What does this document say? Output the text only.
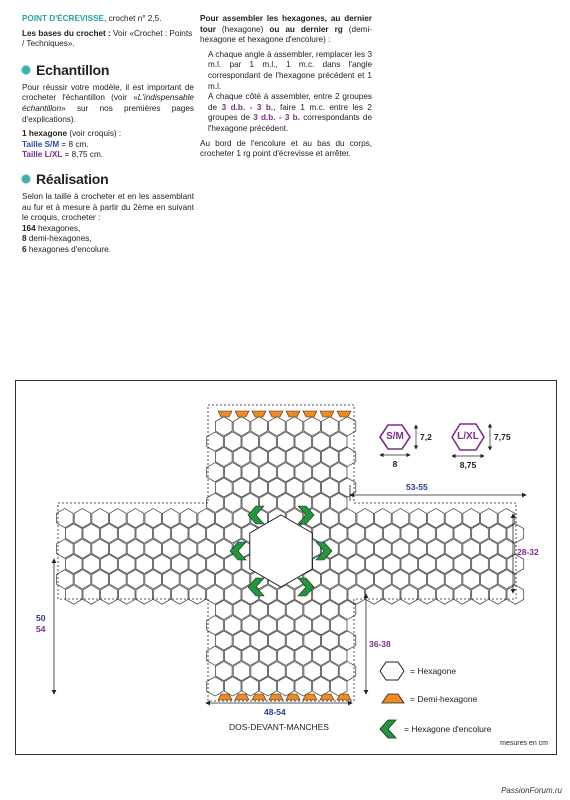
POINT D'ÉCREVISSE, crochet n° 2,5.

Les bases du crochet : Voir «Crochet : Points / Techniques».

Echantillon

Pour réussir votre modèle, il est important de crocheter l'échantillon (voir «L'indispensable échantillon» sur nos premières pages d'explications).

1 hexagone (voir croquis) :

Taille S/M = 8 cm.

Taille L/XL = 8,75 cm.

Réalisation

Selon la taille à crocheter et en les assemblant au fur et à mesure à partir du 2ème en suivant le croquis, crocheter :

164 hexagones,

8 demi-hexagones,

6 hexagones d'encolure.

Pour assembler les hexagones, au dernier tour (hexagone) ou au dernier rg (demi-hexagone et hexagone d'encolure) :

A chaque angle à assembler, remplacer les 3 m.l. par 1 m.l., 1 m.c. dans l'angle correspondant de l'hexagone précédent et 1 m.l.

A chaque côté à assembler, entre 2 groupes de 3 d.b. - 3 b., faire 1 m.c. entre les 2 groupes de 3 d.b. - 3 b. correspondants de l'hexagone précédent.

Au bord de l'encolure et au bas du corps, crocheter 1 rg point d'écrevisse et arrêter.

S/M	7,2
8
L/XL	7,75
8,75
53-55
28-32
50
54
36-38
48-54
DOS-DEVANT-MANCHES
= Hexagone
= Demi-hexagone
= Hexagone d'encolure
mesures en cm
PassionForum.ru
